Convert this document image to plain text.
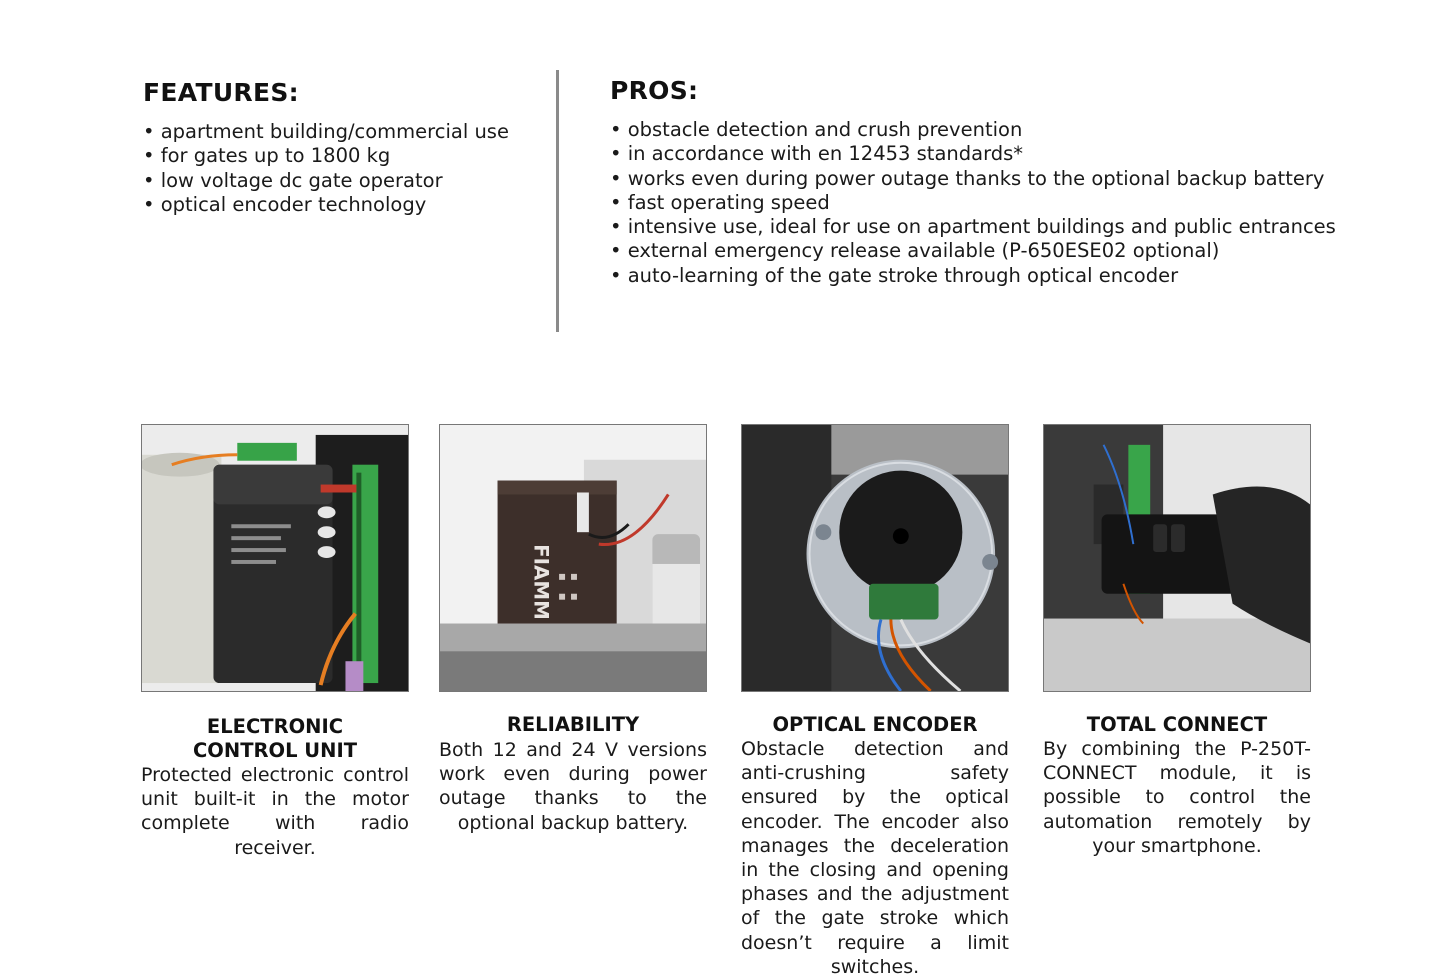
FEATURES:
• apartment building/commercial use
• for gates up to 1800 kg
• low voltage dc gate operator
• optical encoder technology
PROS:
• obstacle detection and crush prevention
• in accordance with en 12453 standards*
• works even during power outage thanks to the optional backup battery
• fast operating speed
• intensive use, ideal for use on apartment buildings and public entrances
• external emergency release available (P-650ESE02 optional)
• auto-learning of the gate stroke through optical encoder

ELECTRONIC CONTROL UNIT

Protected electronic control unit built-it in the motor complete with radio receiver.

FIAMM

RELIABILITY

Both 12 and 24 V versions work even during power outage thanks to the optional backup battery.

OPTICAL ENCODER

Obstacle detection and anti-crushing safety ensured by the optical encoder. The encoder also manages the deceleration in the closing and opening phases and the adjustment of the gate stroke which doesn’t require a limit switches.

TOTAL CONNECT

By combining the P-250T-CONNECT module, it is possible to control the automation remotely by your smartphone.
